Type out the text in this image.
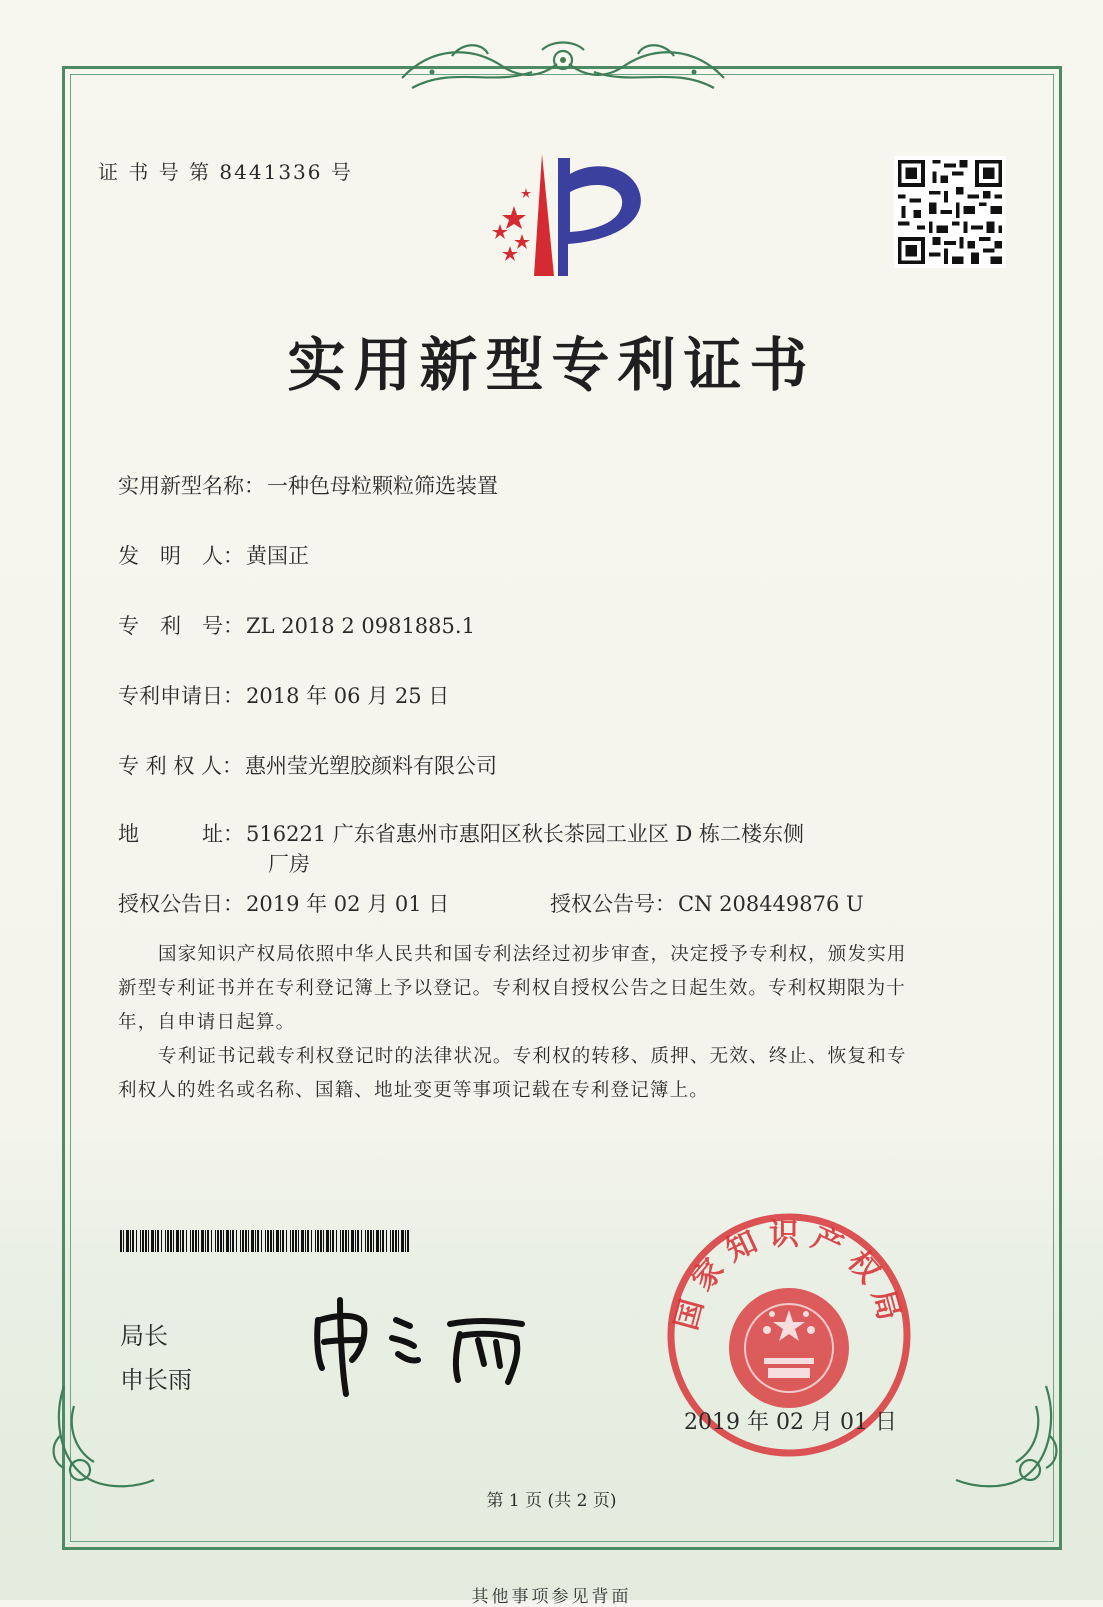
证 书 号 第 8441336 号
实用新型专利证书
实用新型名称：一种色母粒颗粒筛选装置
发　明　人：黄国正
专　利　号：ZL 2018 2 0981885.1
专利申请日：2018 年 06 月 25 日
专 利 权 人：惠州莹光塑胶颜料有限公司
地　　　址：516221 广东省惠州市惠阳区秋长茶园工业区 D 栋二楼东侧
厂房
授权公告日：2019 年 02 月 01 日	授权公告号：CN 208449876 U
国家知识产权局依照中华人民共和国专利法经过初步审查，决定授予专利权，颁发实用
新型专利证书并在专利登记簿上予以登记。专利权自授权公告之日起生效。专利权期限为十
年，自申请日起算。
专利证书记载专利权登记时的法律状况。专利权的转移、质押、无效、终止、恢复和专
利权人的姓名或名称、国籍、地址变更等事项记载在专利登记簿上。
局长
申长雨
国家知识产权局
2019 年 02 月 01 日
第 1 页 (共 2 页)
其他事项参见背面
